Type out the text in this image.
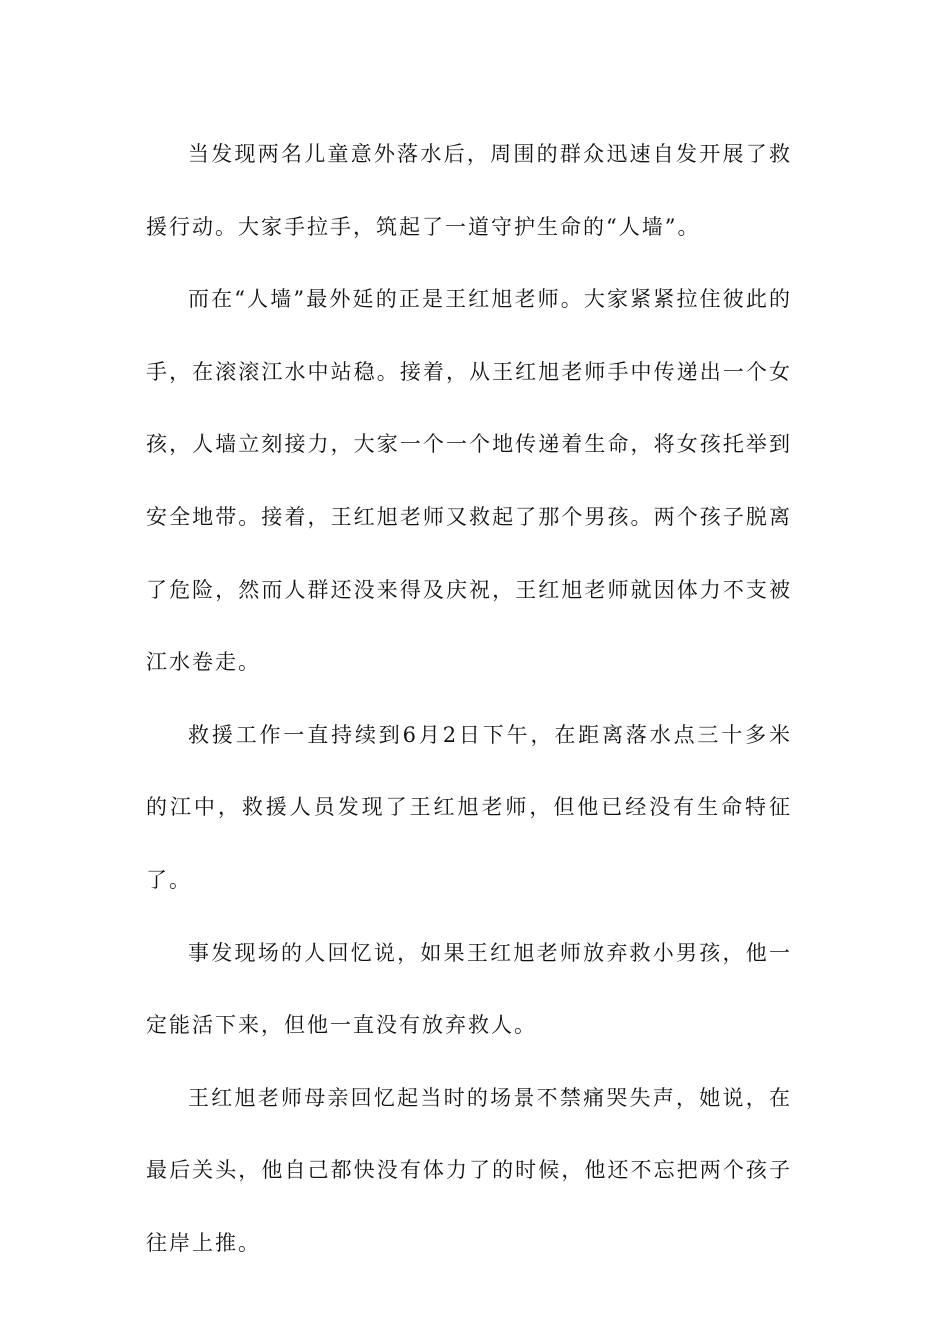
当发现两名儿童意外落水后，周围的群众迅速自发开展了救援行动。大家手拉手，筑起了一道守护生命的“人墙”。

而在“人墙”最外延的正是王红旭老师。大家紧紧拉住彼此的手，在滚滚江水中站稳。接着，从王红旭老师手中传递出一个女孩，人墙立刻接力，大家一个一个地传递着生命，将女孩托举到安全地带。接着，王红旭老师又救起了那个男孩。两个孩子脱离了危险，然而人群还没来得及庆祝，王红旭老师就因体力不支被江水卷走。

救援工作一直持续到6月2日下午，在距离落水点三十多米的江中，救援人员发现了王红旭老师，但他已经没有生命特征了。

事发现场的人回忆说，如果王红旭老师放弃救小男孩，他一定能活下来，但他一直没有放弃救人。

王红旭老师母亲回忆起当时的场景不禁痛哭失声，她说，在最后关头，他自己都快没有体力了的时候，他还不忘把两个孩子往岸上推。
